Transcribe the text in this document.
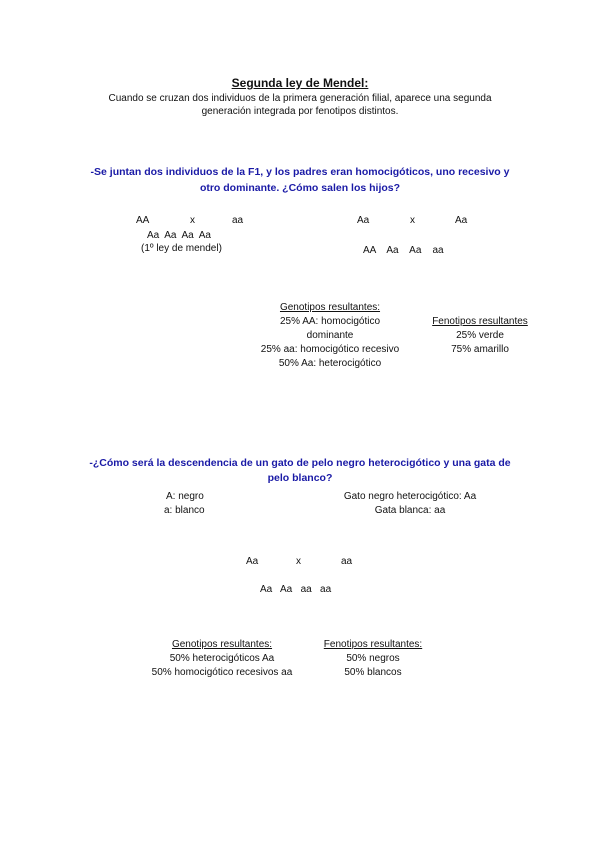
Segunda ley de Mendel:
Cuando se cruzan dos individuos de la primera generación filial, aparece una segunda
generación integrada por fenotipos distintos.
-Se juntan dos individuos de la F1, y los padres eran homocigóticos, uno recesivo y
otro dominante. ¿Cómo salen los hijos?
AA	x	aa
Aa  Aa  Aa  Aa
(1º ley de mendel)
Aa	x	Aa
AA    Aa    Aa    aa
Genotipos resultantes:
25% AA: homocigótico
dominante
25% aa: homocigótico recesivo
50% Aa: heterocigótico
Fenotipos resultantes
25% verde
75% amarillo
-¿Cómo será la descendencia de un gato de pelo negro heterocigótico y una gata de
pelo blanco?
A: negro
a: blanco
Gato negro heterocigótico: Aa
Gata blanca: aa
Aa	x	aa
Aa   Aa   aa   aa
Genotipos resultantes:
50% heterocigóticos Aa
50% homocigótico recesivos aa
Fenotipos resultantes:
50% negros
50% blancos
